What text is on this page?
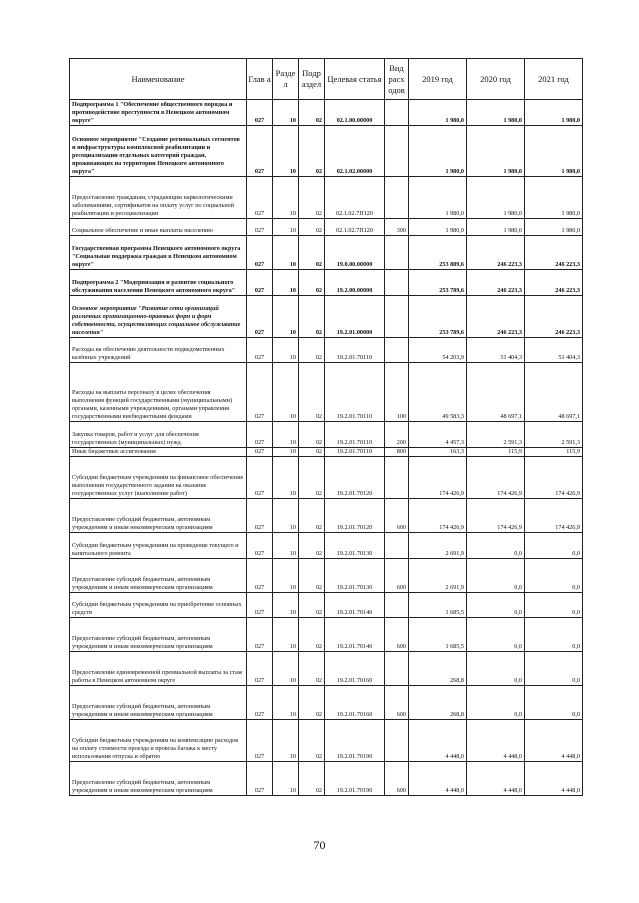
Наименование	Глав а	Разде л	Подр аздел	Целевая статья	Вид расх одов	2019 год	2020 год	2021 год
Подпрограмма 1 "Обеспечение общественного порядка и противодействие преступности в Ненецком автономном округе"	027	10	02	02.1.00.00000		1 980,0	1 980,0	1 980,0
Основное мероприятие "Создание региональных сегментов и инфраструктуры комплексной реабилитации и ресоциализации отдельных категорий граждан, проживающих на территории Ненецкого автономного округа"	027	10	02	02.1.02.00000		1 980,0	1 980,0	1 980,0
Предоставление гражданам, страдающим наркологическими заболеваниями, сертификатов на оплату услуг по социальной реабилитации и ресоциализации	027	10	02	02.1.02.7П120		1 980,0	1 980,0	1 980,0
Социальное обеспечение и иные выплаты населению	027	10	02	02.1.02.7П120	300	1 980,0	1 980,0	1 980,0
Государственная программа Ненецкого автономного округа "Социальная поддержка граждан в Ненецком автономном округе"	027	10	02	19.0.00.00000		253 889,6	246 223,3	246 223,3
Подпрограмма 2 "Модернизация и развитие социального обслуживания населения Ненецкого автономного округа"	027	10	02	19.2.00.00000		253 789,6	246 223,3	246 223,3
Основное мероприятие "Развитие сети организаций различных организационно-правовых форм и форм собственности, осуществляющих социальное обслуживание населения"	027	10	02	19.2.01.00000		253 789,6	246 223,3	246 223,3
Расходы на обеспечение деятельности подведомственных казённых учреждений	027	10	02	19.2.01.70110		54 203,9	51 404,3	51 404,3
Расходы на выплаты персоналу в целях обеспечения выполнения функций государственными (муниципальными) органами, казенными учреждениями, органами управления государственными внебюджетными фондами	027	10	02	19.2.01.70110	100	49 583,3	48 697,1	48 697,1
Закупка товаров, работ и услуг для обеспечения государственных (муниципальных) нужд	027	10	02	19.2.01.70110	200	4 457,3	2 591,3	2 591,3
Иные бюджетные ассигнования	027	10	02	19.2.01.70110	800	163,3	115,9	115,9
Субсидии бюджетным учреждениям на финансовое обеспечение выполнения государственного задания на оказание государственных услуг (выполнение работ)	027	10	02	19.2.01.70120		174 426,9	174 426,9	174 426,9
Предоставление субсидий бюджетным, автономным учреждениям и иным некоммерческим организациям	027	10	02	19.2.01.70120	600	174 426,9	174 426,9	174 426,9
Субсидии бюджетным учреждениям на проведение текущего и капитального ремонта	027	10	02	19.2.01.70130		2 691,9	0,0	0,0
Предоставление субсидий бюджетным, автономным учреждениям и иным некоммерческим организациям	027	10	02	19.2.01.70130	600	2 691,9	0,0	0,0
Субсидии бюджетным учреждениям на приобретение основных средств	027	10	02	19.2.01.70140		1 685,5	0,0	0,0
Предоставление субсидий бюджетным, автономным учреждениям и иным некоммерческим организациям	027	10	02	19.2.01.70140	600	1 685,5	0,0	0,0
Предоставление единовременной премиальной выплаты за стаж работы в Ненецком автономном округе	027	10	02	19.2.01.70160		268,8	0,0	0,0
Предоставление субсидий бюджетным, автономным учреждениям и иным некоммерческим организациям	027	10	02	19.2.01.70160	600	268,8	0,0	0,0
Субсидии бюджетным учреждениям на компенсацию расходов на оплату стоимости проезда и провоза багажа к месту использования отпуска и обратно	027	10	02	19.2.01.70190		4 448,0	4 448,0	4 448,0
Предоставление субсидий бюджетным, автономным учреждениям и иным некоммерческим организациям	027	10	02	19.2.01.70190	600	4 448,0	4 448,0	4 448,0
70
